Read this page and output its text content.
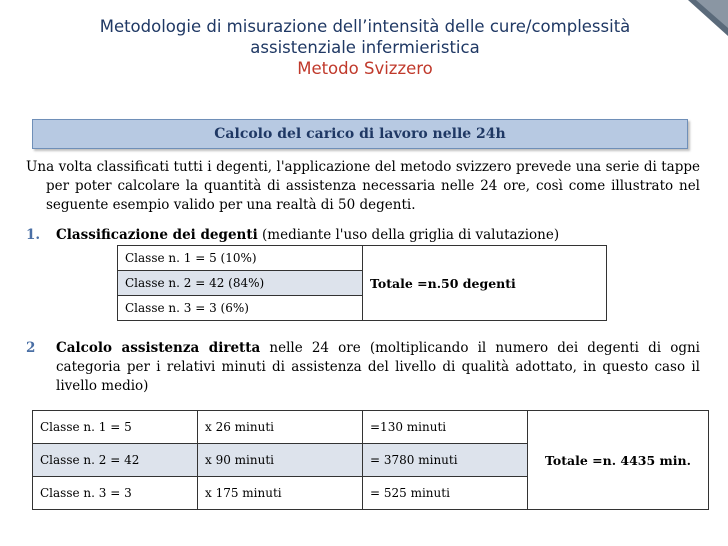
Metodologie di misurazione dell’intensità delle cure/complessità
assistenziale infermieristica
Metodo Svizzero
Calcolo del carico di lavoro nelle 24h
Una volta classificati tutti i degenti, l'applicazione del metodo svizzero prevede una serie di tappe per poter calcolare la quantità di assistenza necessaria nelle 24 ore, così come illustrato nel seguente esempio valido per una realtà di 50 degenti.
1. Classificazione dei degenti (mediante l'uso della griglia di valutazione)
Classe n. 1 = 5 (10%)	Totale =n.50 degenti
Classe n. 2 = 42 (84%)
Classe n. 3 = 3 (6%)
2 Calcolo assistenza diretta nelle 24 ore (moltiplicando il numero dei degenti di ogni categoria per i relativi minuti di assistenza del livello di qualità adottato, in questo caso il livello medio)
Classe n. 1 = 5	x 26 minuti	=130 minuti	Totale =n. 4435 min.
Classe n. 2 = 42	x 90 minuti	= 3780 minuti	
Classe n. 3 = 3	x 175 minuti	= 525 minuti	
